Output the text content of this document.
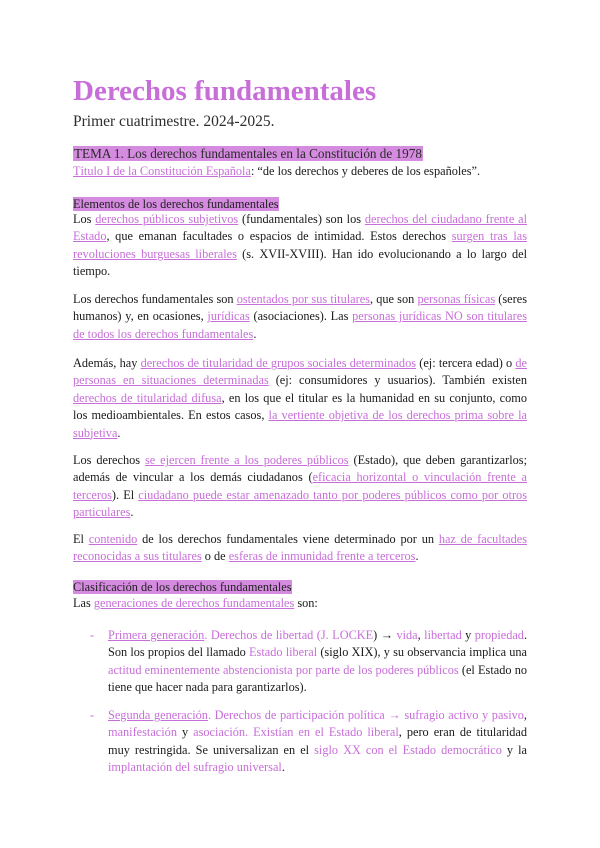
Derechos fundamentales
Primer cuatrimestre. 2024-2025.
TEMA 1. Los derechos fundamentales en la Constitución de 1978
Título I de la Constitución Española: “de los derechos y deberes de los españoles”.
Elementos de los derechos fundamentales

Los derechos públicos subjetivos (fundamentales) son los derechos del ciudadano frente al Estado, que emanan facultades o espacios de intimidad. Estos derechos surgen tras las revoluciones burguesas liberales (s. XVII-XVIII). Han ido evolucionando a lo largo del tiempo.

Los derechos fundamentales son ostentados por sus titulares, que son personas físicas (seres humanos) y, en ocasiones, jurídicas (asociaciones). Las personas jurídicas NO son titulares de todos los derechos fundamentales.

Además, hay derechos de titularidad de grupos sociales determinados (ej: tercera edad) o de personas en situaciones determinadas (ej: consumidores y usuarios). También existen derechos de titularidad difusa, en los que el titular es la humanidad en su conjunto, como los medioambientales. En estos casos, la vertiente objetiva de los derechos prima sobre la subjetiva.

Los derechos se ejercen frente a los poderes públicos (Estado), que deben garantizarlos; además de vincular a los demás ciudadanos (eficacia horizontal o vinculación frente a terceros). El ciudadano puede estar amenazado tanto por poderes públicos como por otros particulares.

El contenido de los derechos fundamentales viene determinado por un haz de facultades reconocidas a sus titulares o de esferas de inmunidad frente a terceros.

Clasificación de los derechos fundamentales

Las generaciones de derechos fundamentales son:

- Primera generación. Derechos de libertad (J. LOCKE) → vida, libertad y propiedad. Son los propios del llamado Estado liberal (siglo XIX), y su observancia implica una actitud eminentemente abstencionista por parte de los poderes públicos (el Estado no tiene que hacer nada para garantizarlos).
- Segunda generación. Derechos de participación política → sufragio activo y pasivo, manifestación y asociación. Existían en el Estado liberal, pero eran de titularidad muy restringida. Se universalizan en el siglo XX con el Estado democrático y la implantación del sufragio universal.
